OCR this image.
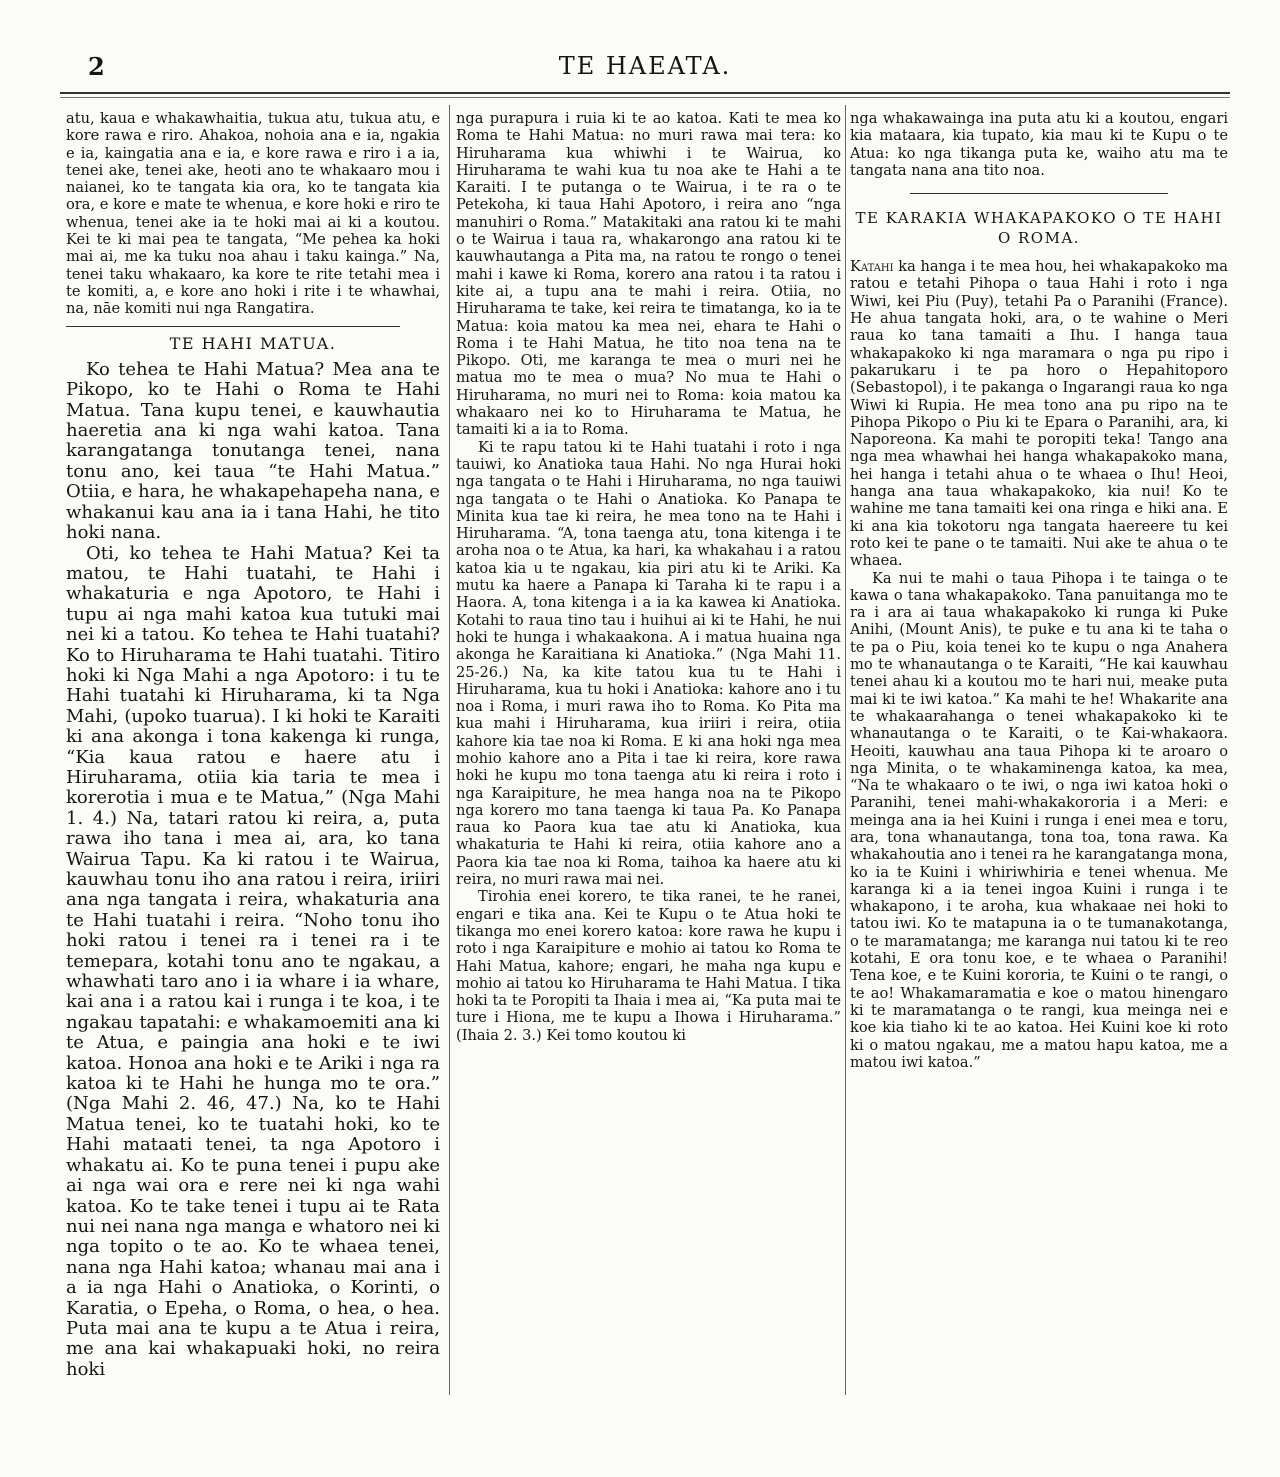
2	TE HAEATA.

atu, kaua e whakawhaitia, tukua atu, tukua atu, e kore rawa e riro. Ahakoa, nohoia ana e ia, ngakia e ia, kaingatia ana e ia, e kore rawa e riro i a ia, tenei ake, tenei ake, heoti ano te whakaaro mou i naianei, ko te tangata kia ora, ko te tangata kia ora, e kore e mate te whenua, e kore hoki e riro te whenua, tenei ake ia te hoki mai ai ki a koutou. Kei te ki mai pea te tangata, “Me pehea ka hoki mai ai, me ka tuku noa ahau i taku kainga.” Na, tenei taku whakaaro, ka kore te rite tetahi mea i te komiti, a, e kore ano hoki i rite i te whawhai, na, nāe komiti nui nga Rangatira.

TE HAHI MATUA.

Ko tehea te Hahi Matua? Mea ana te Pikopo, ko te Hahi o Roma te Hahi Matua. Tana kupu tenei, e kauwhautia haeretia ana ki nga wahi katoa. Tana karangatanga tonutanga tenei, nana tonu ano, kei taua “te Hahi Matua.” Otiia, e hara, he whakapehapeha nana, e whakanui kau ana ia i tana Hahi, he tito hoki nana.

Oti, ko tehea te Hahi Matua? Kei ta matou, te Hahi tuatahi, te Hahi i whakaturia e nga Apotoro, te Hahi i tupu ai nga mahi katoa kua tutuki mai nei ki a tatou. Ko tehea te Hahi tuatahi? Ko to Hiruharama te Hahi tuatahi. Titiro hoki ki Nga Mahi a nga Apotoro: i tu te Hahi tuatahi ki Hiruharama, ki ta Nga Mahi, (upoko tuarua). I ki hoki te Karaiti ki ana akonga i tona kakenga ki runga, “Kia kaua ratou e haere atu i Hiruharama, otiia kia taria te mea i korerotia i mua e te Matua,” (Nga Mahi 1. 4.) Na, tatari ratou ki reira, a, puta rawa iho tana i mea ai, ara, ko tana Wairua Tapu. Ka ki ratou i te Wairua, kauwhau tonu iho ana ratou i reira, iriiri ana nga tangata i reira, whakaturia ana te Hahi tuatahi i reira. “Noho tonu iho hoki ratou i tenei ra i tenei ra i te temepara, kotahi tonu ano te ngakau, a whawhati taro ano i ia whare i ia whare, kai ana i a ratou kai i runga i te koa, i te ngakau tapatahi: e whakamoemiti ana ki te Atua, e paingia ana hoki e te iwi katoa. Honoa ana hoki e te Ariki i nga ra katoa ki te Hahi he hunga mo te ora.” (Nga Mahi 2. 46, 47.) Na, ko te Hahi Matua tenei, ko te tuatahi hoki, ko te Hahi mataati tenei, ta nga Apotoro i whakatu ai. Ko te puna tenei i pupu ake ai nga wai ora e rere nei ki nga wahi katoa. Ko te take tenei i tupu ai te Rata nui nei nana nga manga e whatoro nei ki nga topito o te ao. Ko te whaea tenei, nana nga Hahi katoa; whanau mai ana i a ia nga Hahi o Anatioka, o Korinti, o Karatia, o Epeha, o Roma, o hea, o hea. Puta mai ana te kupu a te Atua i reira, me ana kai whakapuaki hoki, no reira hoki

nga purapura i ruia ki te ao katoa. Kati te mea ko Roma te Hahi Matua: no muri rawa mai tera: ko Hiruharama kua whiwhi i te Wairua, ko Hiruharama te wahi kua tu noa ake te Hahi a te Karaiti. I te putanga o te Wairua, i te ra o te Petekoha, ki taua Hahi Apotoro, i reira ano “nga manuhiri o Roma.” Matakitaki ana ratou ki te mahi o te Wairua i taua ra, whakarongo ana ratou ki te kauwhautanga a Pita ma, na ratou te rongo o tenei mahi i kawe ki Roma, korero ana ratou i ta ratou i kite ai, a tupu ana te mahi i reira. Otiia, no Hiruharama te take, kei reira te timatanga, ko ia te Matua: koia matou ka mea nei, ehara te Hahi o Roma i te Hahi Matua, he tito noa tena na te Pikopo. Oti, me karanga te mea o muri nei he matua mo te mea o mua? No mua te Hahi o Hiruharama, no muri nei to Roma: koia matou ka whakaaro nei ko to Hiruharama te Matua, he tamaiti ki a ia to Roma.

Ki te rapu tatou ki te Hahi tuatahi i roto i nga tauiwi, ko Anatioka taua Hahi. No nga Hurai hoki nga tangata o te Hahi i Hiruharama, no nga tauiwi nga tangata o te Hahi o Anatioka. Ko Panapa te Minita kua tae ki reira, he mea tono na te Hahi i Hiruharama. “A, tona taenga atu, tona kitenga i te aroha noa o te Atua, ka hari, ka whakahau i a ratou katoa kia u te ngakau, kia piri atu ki te Ariki. Ka mutu ka haere a Panapa ki Taraha ki te rapu i a Haora. A, tona kitenga i a ia ka kawea ki Anatioka. Kotahi to raua tino tau i huihui ai ki te Hahi, he nui hoki te hunga i whakaakona. A i matua huaina nga akonga he Karaitiana ki Anatioka.” (Nga Mahi 11. 25-26.) Na, ka kite tatou kua tu te Hahi i Hiruharama, kua tu hoki i Anatioka: kahore ano i tu noa i Roma, i muri rawa iho to Roma. Ko Pita ma kua mahi i Hiruharama, kua iriiri i reira, otiia kahore kia tae noa ki Roma. E ki ana hoki nga mea mohio kahore ano a Pita i tae ki reira, kore rawa hoki he kupu mo tona taenga atu ki reira i roto i nga Karaipiture, he mea hanga noa na te Pikopo nga korero mo tana taenga ki taua Pa. Ko Panapa raua ko Paora kua tae atu ki Anatioka, kua whakaturia te Hahi ki reira, otiia kahore ano a Paora kia tae noa ki Roma, taihoa ka haere atu ki reira, no muri rawa mai nei.

Tirohia enei korero, te tika ranei, te he ranei, engari e tika ana. Kei te Kupu o te Atua hoki te tikanga mo enei korero katoa: kore rawa he kupu i roto i nga Karaipiture e mohio ai tatou ko Roma te Hahi Matua, kahore; engari, he maha nga kupu e mohio ai tatou ko Hiruharama te Hahi Matua. I tika hoki ta te Poropiti ta Ihaia i mea ai, “Ka puta mai te ture i Hiona, me te kupu a Ihowa i Hiruharama.” (Ihaia 2. 3.) Kei tomo koutou ki

nga whakawainga ina puta atu ki a koutou, engari kia mataara, kia tupato, kia mau ki te Kupu o te Atua: ko nga tikanga puta ke, waiho atu ma te tangata nana ana tito noa.

TE KARAKIA WHAKAPAKOKO O TE HAHI O ROMA.

Katahi ka hanga i te mea hou, hei whakapakoko ma ratou e tetahi Pihopa o taua Hahi i roto i nga Wiwi, kei Piu (Puy), tetahi Pa o Paranihi (France). He ahua tangata hoki, ara, o te wahine o Meri raua ko tana tamaiti a Ihu. I hanga taua whakapakoko ki nga maramara o nga pu ripo i pakarukaru i te pa horo o Hepahitoporo (Sebastopol), i te pakanga o Ingarangi raua ko nga Wiwi ki Rupia. He mea tono ana pu ripo na te Pihopa Pikopo o Piu ki te Epara o Paranihi, ara, ki Naporeona. Ka mahi te poropiti teka! Tango ana nga mea whawhai hei hanga whakapakoko mana, hei hanga i tetahi ahua o te whaea o Ihu! Heoi, hanga ana taua whakapakoko, kia nui! Ko te wahine me tana tamaiti kei ona ringa e hiki ana. E ki ana kia tokotoru nga tangata haereere tu kei roto kei te pane o te tamaiti. Nui ake te ahua o te whaea.

Ka nui te mahi o taua Pihopa i te tainga o te kawa o tana whakapakoko. Tana panuitanga mo te ra i ara ai taua whakapakoko ki runga ki Puke Anihi, (Mount Anis), te puke e tu ana ki te taha o te pa o Piu, koia tenei ko te kupu o nga Anahera mo te whanautanga o te Karaiti, “He kai kauwhau tenei ahau ki a koutou mo te hari nui, meake puta mai ki te iwi katoa.” Ka mahi te he! Whakarite ana te whakaarahanga o tenei whakapakoko ki te whanautanga o te Karaiti, o te Kai-whakaora. Heoiti, kauwhau ana taua Pihopa ki te aroaro o nga Minita, o te whakaminenga katoa, ka mea, “Na te whakaaro o te iwi, o nga iwi katoa hoki o Paranihi, tenei mahi-whakakororia i a Meri: e meinga ana ia hei Kuini i runga i enei mea e toru, ara, tona whanautanga, tona toa, tona rawa. Ka whakahoutia ano i tenei ra he karangatanga mona, ko ia te Kuini i whiriwhiria e tenei whenua. Me karanga ki a ia tenei ingoa Kuini i runga i te whakapono, i te aroha, kua whakaae nei hoki to tatou iwi. Ko te matapuna ia o te tumanakotanga, o te maramatanga; me karanga nui tatou ki te reo kotahi, E ora tonu koe, e te whaea o Paranihi! Tena koe, e te Kuini kororia, te Kuini o te rangi, o te ao! Whakamaramatia e koe o matou hinengaro ki te maramatanga o te rangi, kua meinga nei e koe kia tiaho ki te ao katoa. Hei Kuini koe ki roto ki o matou ngakau, me a matou hapu katoa, me a matou iwi katoa.”
